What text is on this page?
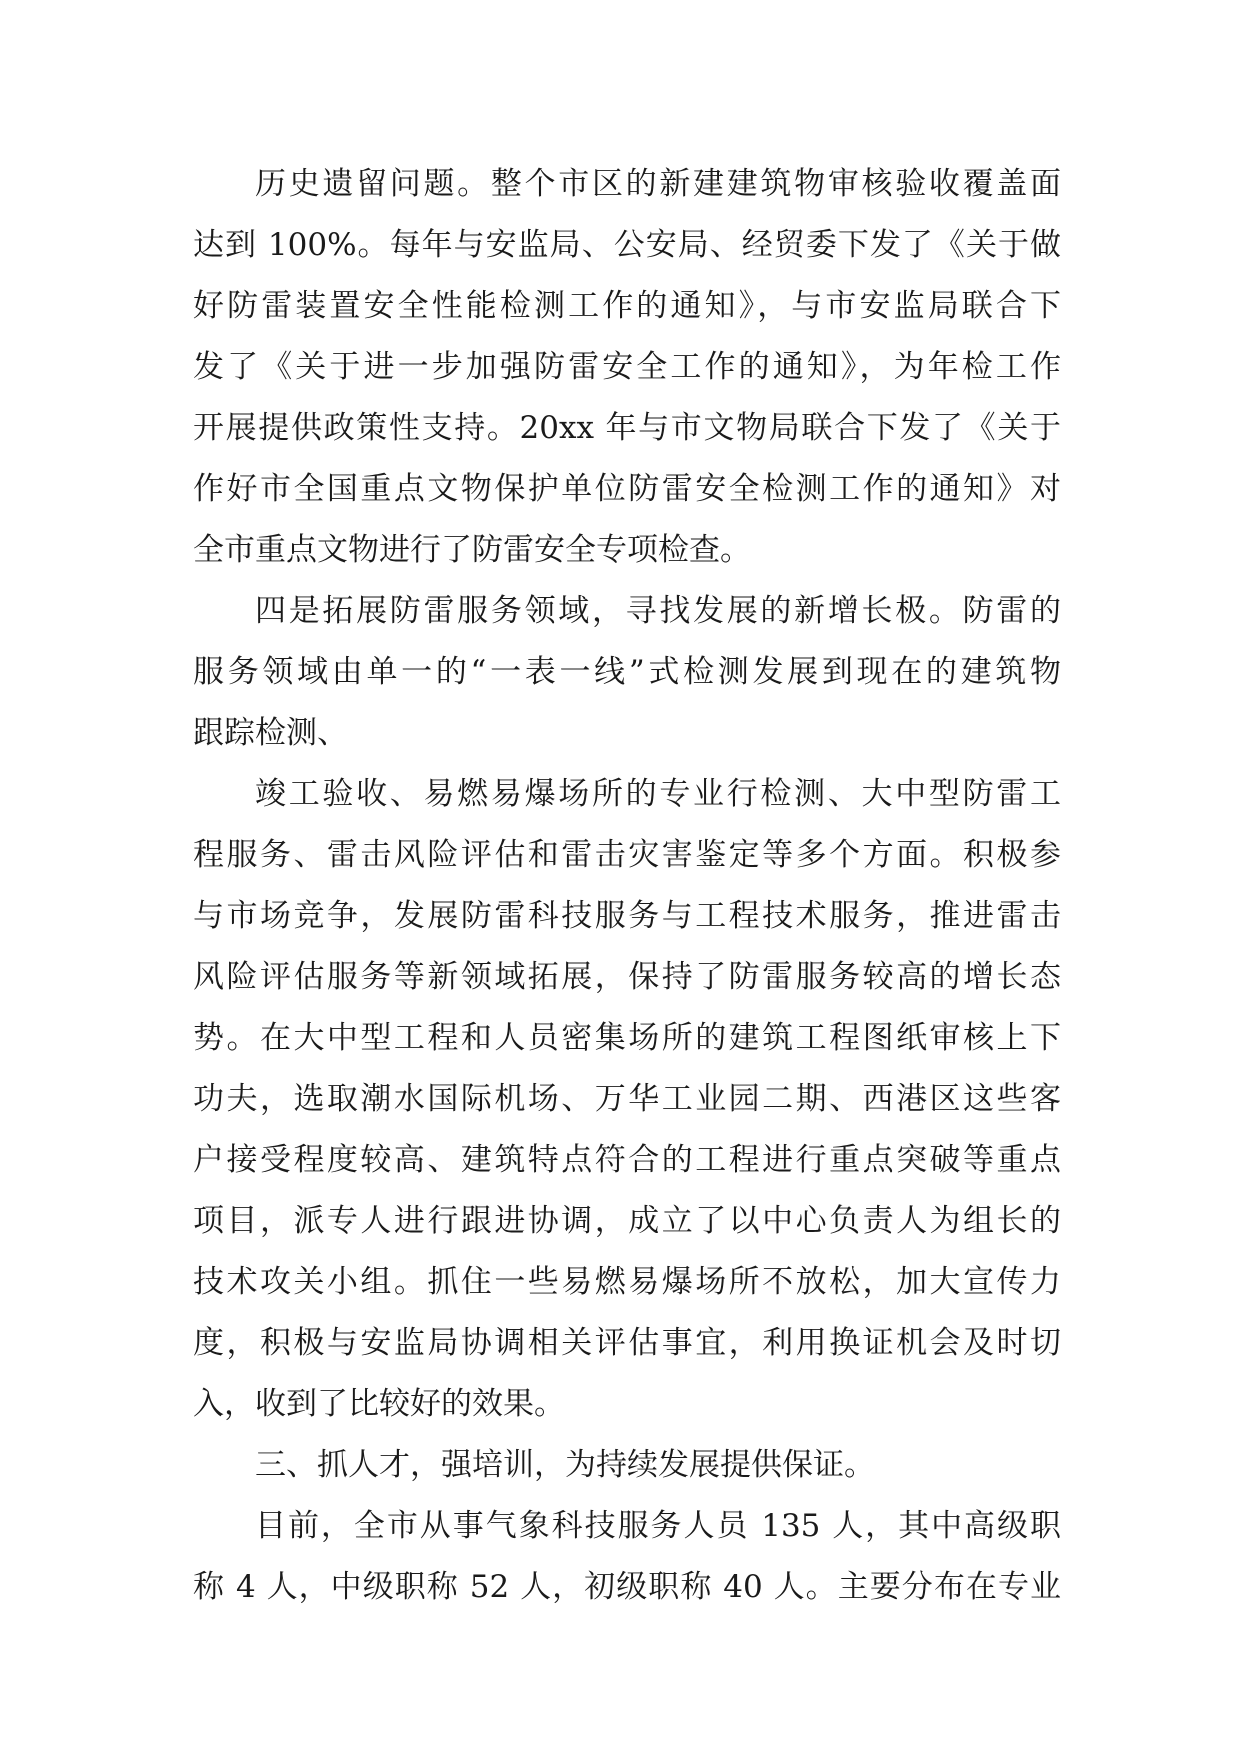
历史遗留问题。整个市区的新建建筑物审核验收覆盖面
达到 100%。每年与安监局、公安局、经贸委下发了《关于做
好防雷装置安全性能检测工作的通知》，与市安监局联合下
发了《关于进一步加强防雷安全工作的通知》，为年检工作
开展提供政策性支持。20xx 年与市文物局联合下发了《关于
作好市全国重点文物保护单位防雷安全检测工作的通知》对
全市重点文物进行了防雷安全专项检查。
四是拓展防雷服务领域，寻找发展的新增长极。防雷的
服务领域由单一的“一表一线”式检测发展到现在的建筑物
跟踪检测、
竣工验收、易燃易爆场所的专业行检测、大中型防雷工
程服务、雷击风险评估和雷击灾害鉴定等多个方面。积极参
与市场竞争，发展防雷科技服务与工程技术服务，推进雷击
风险评估服务等新领域拓展，保持了防雷服务较高的增长态
势。在大中型工程和人员密集场所的建筑工程图纸审核上下
功夫，选取潮水国际机场、万华工业园二期、西港区这些客
户接受程度较高、建筑特点符合的工程进行重点突破等重点
项目，派专人进行跟进协调，成立了以中心负责人为组长的
技术攻关小组。抓住一些易燃易爆场所不放松，加大宣传力
度，积极与安监局协调相关评估事宜，利用换证机会及时切
入，收到了比较好的效果。
三、抓人才，强培训，为持续发展提供保证。
目前，全市从事气象科技服务人员 135 人，其中高级职
称 4 人，中级职称 52 人，初级职称 40 人。主要分布在专业
